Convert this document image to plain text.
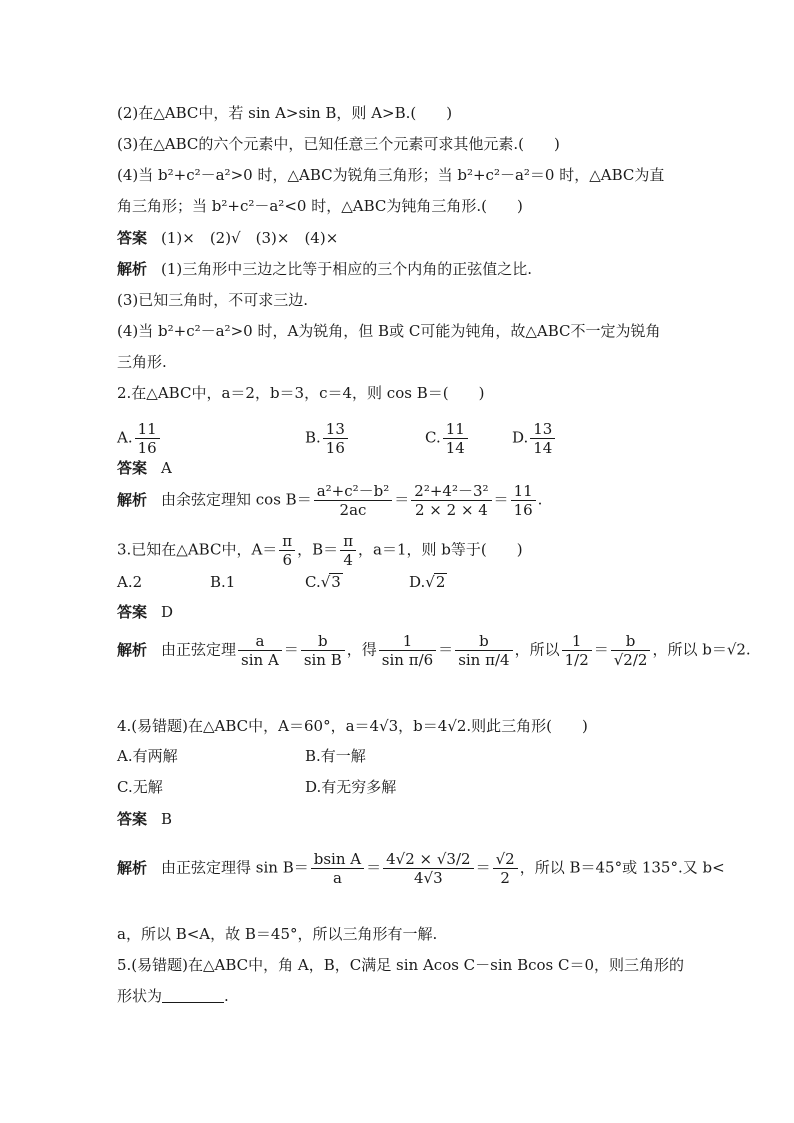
(2)在△ABC中，若 sin A>sin B，则 A>B.(　　)
(3)在△ABC的六个元素中，已知任意三个元素可求其他元素.(　　)
(4)当 b²+c²－a²>0 时，△ABC为锐角三角形；当 b²+c²－a²＝0 时，△ABC为直
角三角形；当 b²+c²－a²<0 时，△ABC为钝角三角形.(　　)
答案 (1)×　(2)√　(3)×　(4)×
解析 (1)三角形中三边之比等于相应的三个内角的正弦值之比.
(3)已知三角时，不可求三边.
(4)当 b²+c²－a²>0 时，A为锐角，但 B或 C可能为钝角，故△ABC不一定为锐角
三角形.
2.在△ABC中，a＝2，b＝3，c＝4，则 cos B＝(　　)
A. $\frac{11}{16}$	B. $\frac{13}{16}$	C. $\frac{11}{14}$	D. $\frac{13}{14}$
答案 A
解析 由余弦定理知 $\cos B= \frac{\text{a²+c²－b²}}{2ac} = \frac{\text{2²+4²－3²}}{2 \times 2 \times 4} = \frac{11}{16}$ .
3.已知在△ABC中，$A= \frac{\pi}{6}$ ，$B= \frac{\pi}{4}$ ，a＝1，则 b等于(　　)
A.2	B.1	C.√3	D.√2
答案 D
解析 由正弦定理 $\frac{a}{\text{sin A}} = \frac{b}{\text{sin B}}$ ，得 $\frac{1}{\text{sin π/6}} = \frac{b}{\text{sin π/4}}$ ，所以 $\frac{1}{1/2} = \frac{b}{√2/2}$ ，所以 b＝√2.
4.(易错题)在△ABC中，A＝60°，a＝4√3，b＝4√2.则此三角形(　　)
A.有两解	B.有一解
C.无解	D.有无穷多解
答案 B
解析 由正弦定理得 $\sin B= \frac{\text{bsin A}}{a} = \frac{4√2 \times √3/2}{4√3} = \frac{√2}{2}$ ，所以 B＝45°或 135°.又 b<
a，所以 B<A，故 B＝45°，所以三角形有一解.
5.(易错题)在△ABC中，角 A，B，C满足 sin Acos C－sin Bcos C＝0，则三角形的
形状为	.
